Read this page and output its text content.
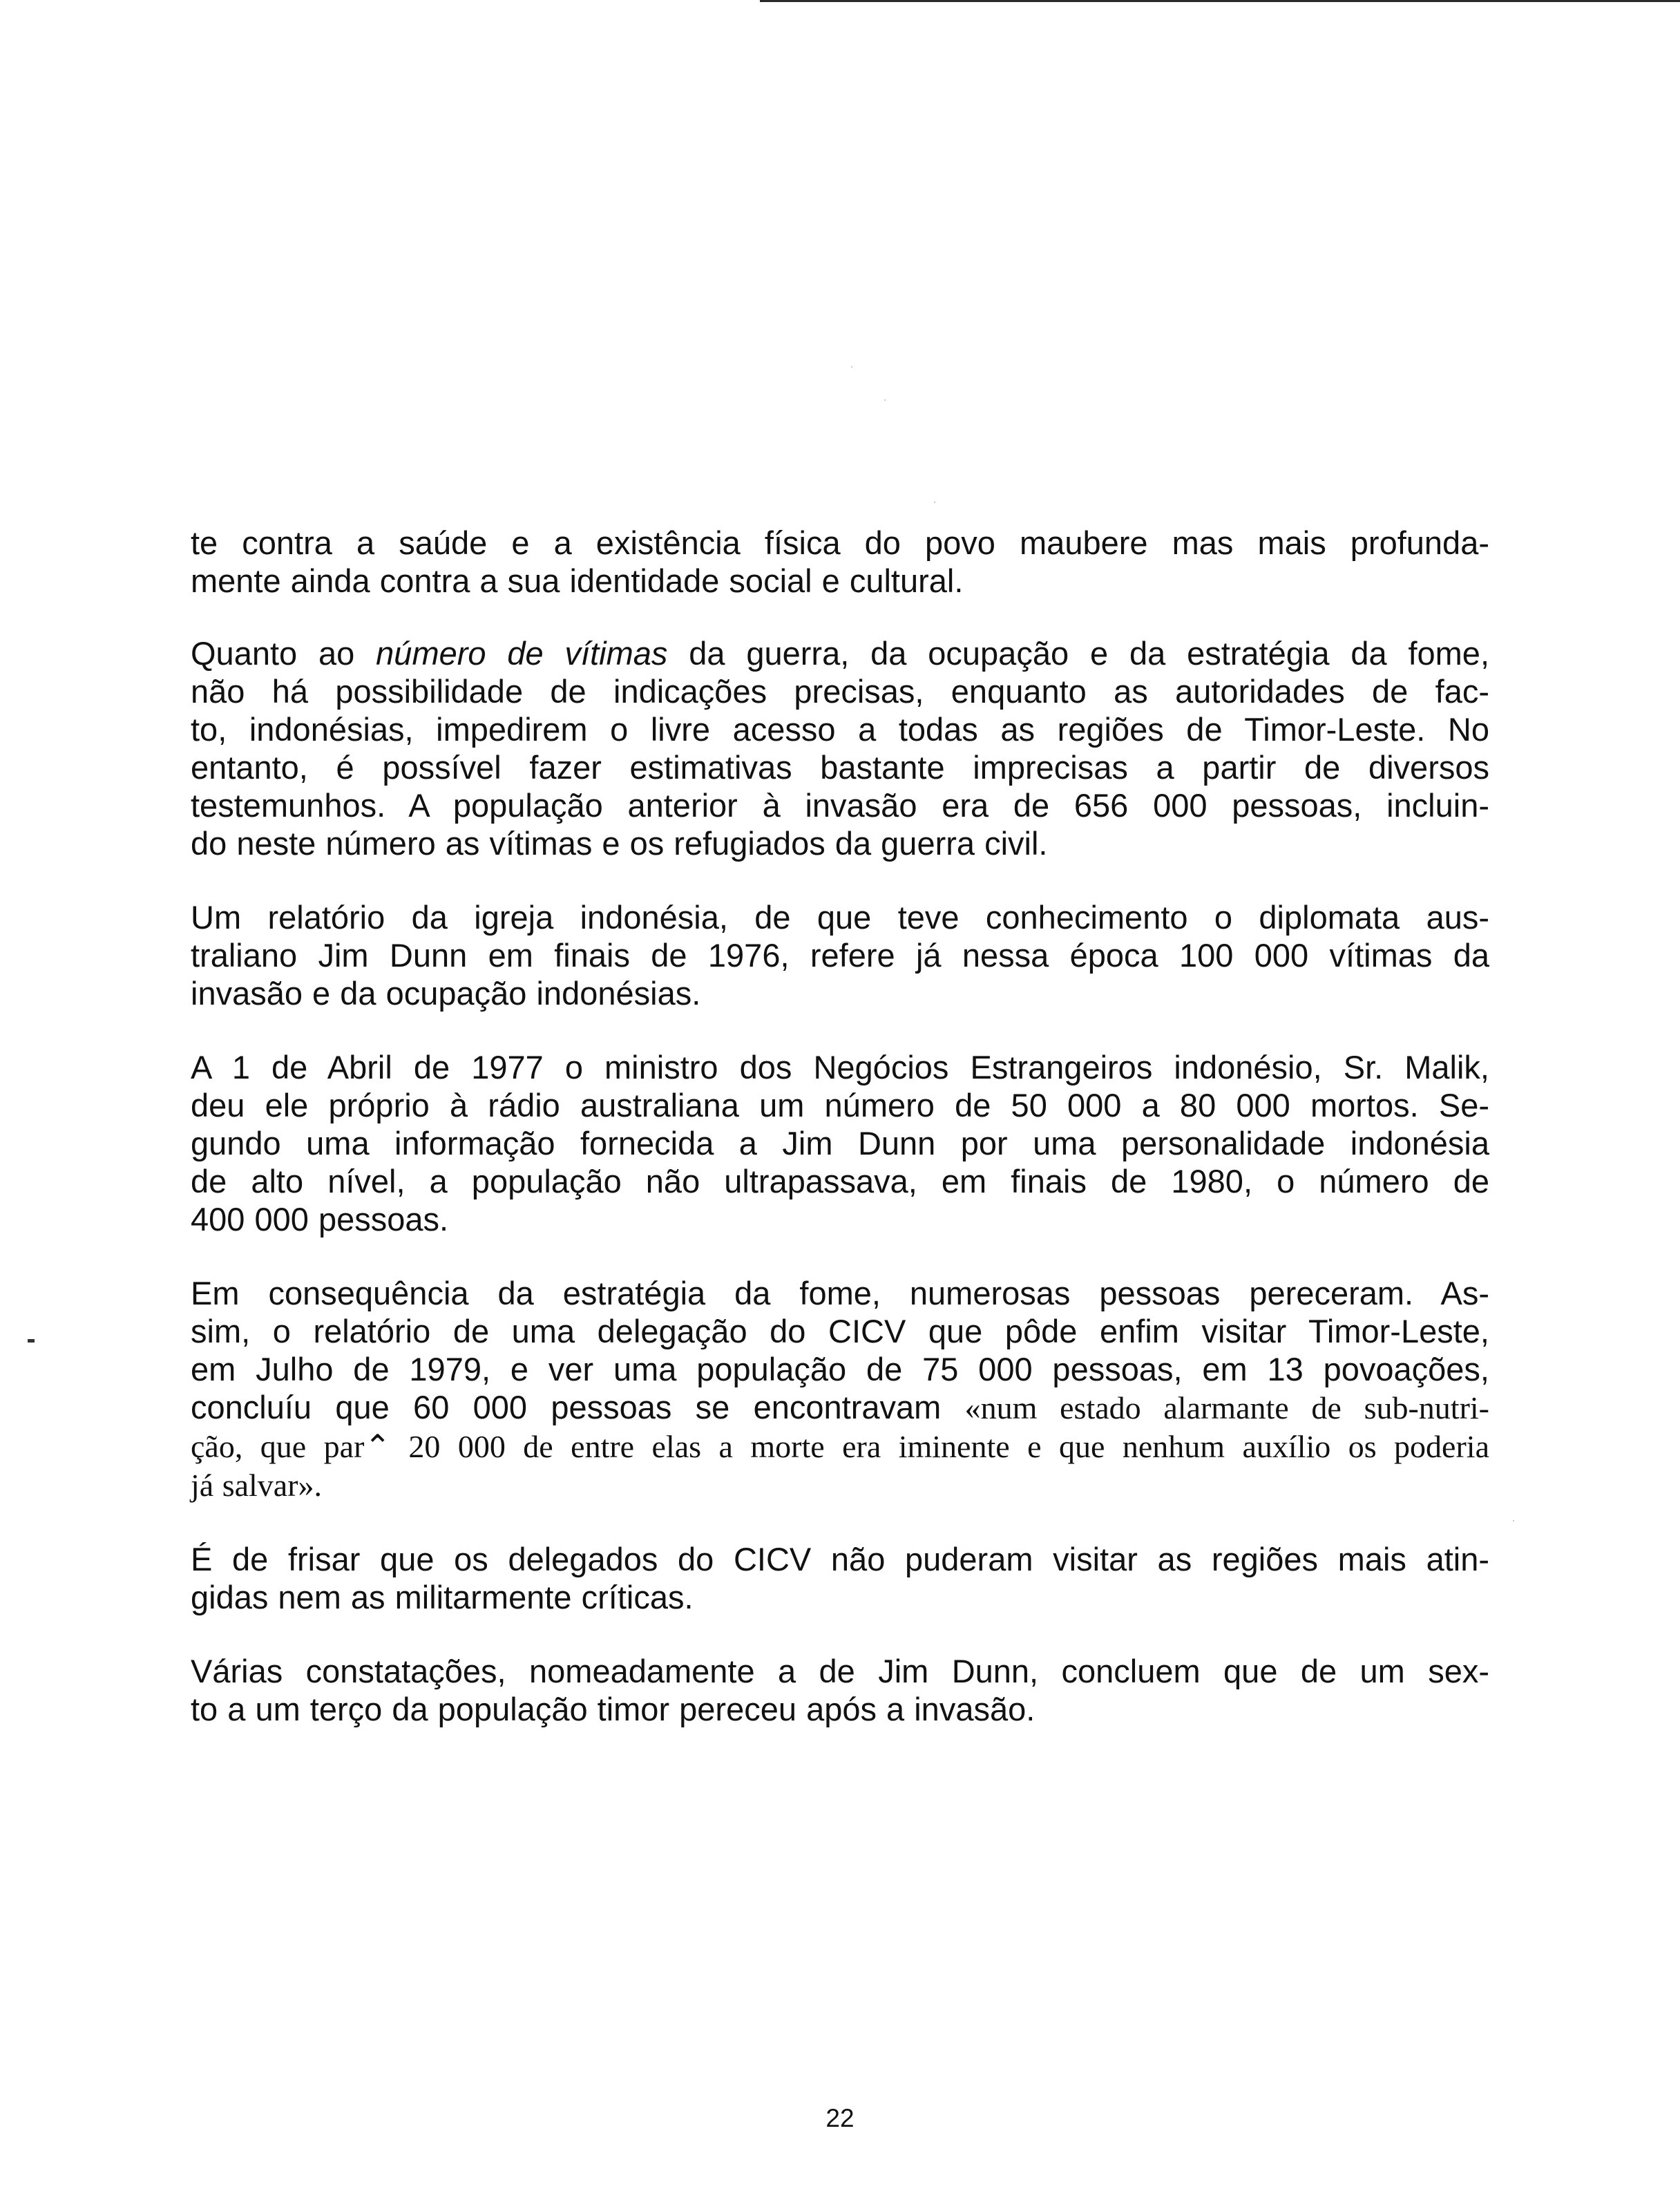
te contra a saúde e a existência física do povo maubere mas mais profunda-
mente ainda contra a sua identidade social e cultural.

Quanto ao número de vítimas da guerra, da ocupação e da estratégia da fome,
não há possibilidade de indicações precisas, enquanto as autoridades de fac-
to, indonésias, impedirem o livre acesso a todas as regiões de Timor-Leste. No
entanto, é possível fazer estimativas bastante imprecisas a partir de diversos
testemunhos. A população anterior à invasão era de 656 000 pessoas, incluin-
do neste número as vítimas e os refugiados da guerra civil.

Um relatório da igreja indonésia, de que teve conhecimento o diplomata aus-
traliano Jim Dunn em finais de 1976, refere já nessa época 100 000 vítimas da
invasão e da ocupação indonésias.

A 1 de Abril de 1977 o ministro dos Negócios Estrangeiros indonésio, Sr. Malik,
deu ele próprio à rádio australiana um número de 50 000 a 80 000 mortos. Se-
gundo uma informação fornecida a Jim Dunn por uma personalidade indonésia
de alto nível, a população não ultrapassava, em finais de 1980, o número de
400 000 pessoas.

Em consequência da estratégia da fome, numerosas pessoas pereceram. As-
sim, o relatório de uma delegação do CICV que pôde enfim visitar Timor-Leste,
em Julho de 1979, e ver uma população de 75 000 pessoas, em 13 povoações,
concluíu que 60 000 pessoas se encontravam «num estado alarmante de sub-nutri-
ção, que par⌃ 20 000 de entre elas a morte era iminente e que nenhum auxílio os poderia
já salvar».

É de frisar que os delegados do CICV não puderam visitar as regiões mais atin-
gidas nem as militarmente críticas.

Várias constatações, nomeadamente a de Jim Dunn, concluem que de um sex-
to a um terço da população timor pereceu após a invasão.

22
